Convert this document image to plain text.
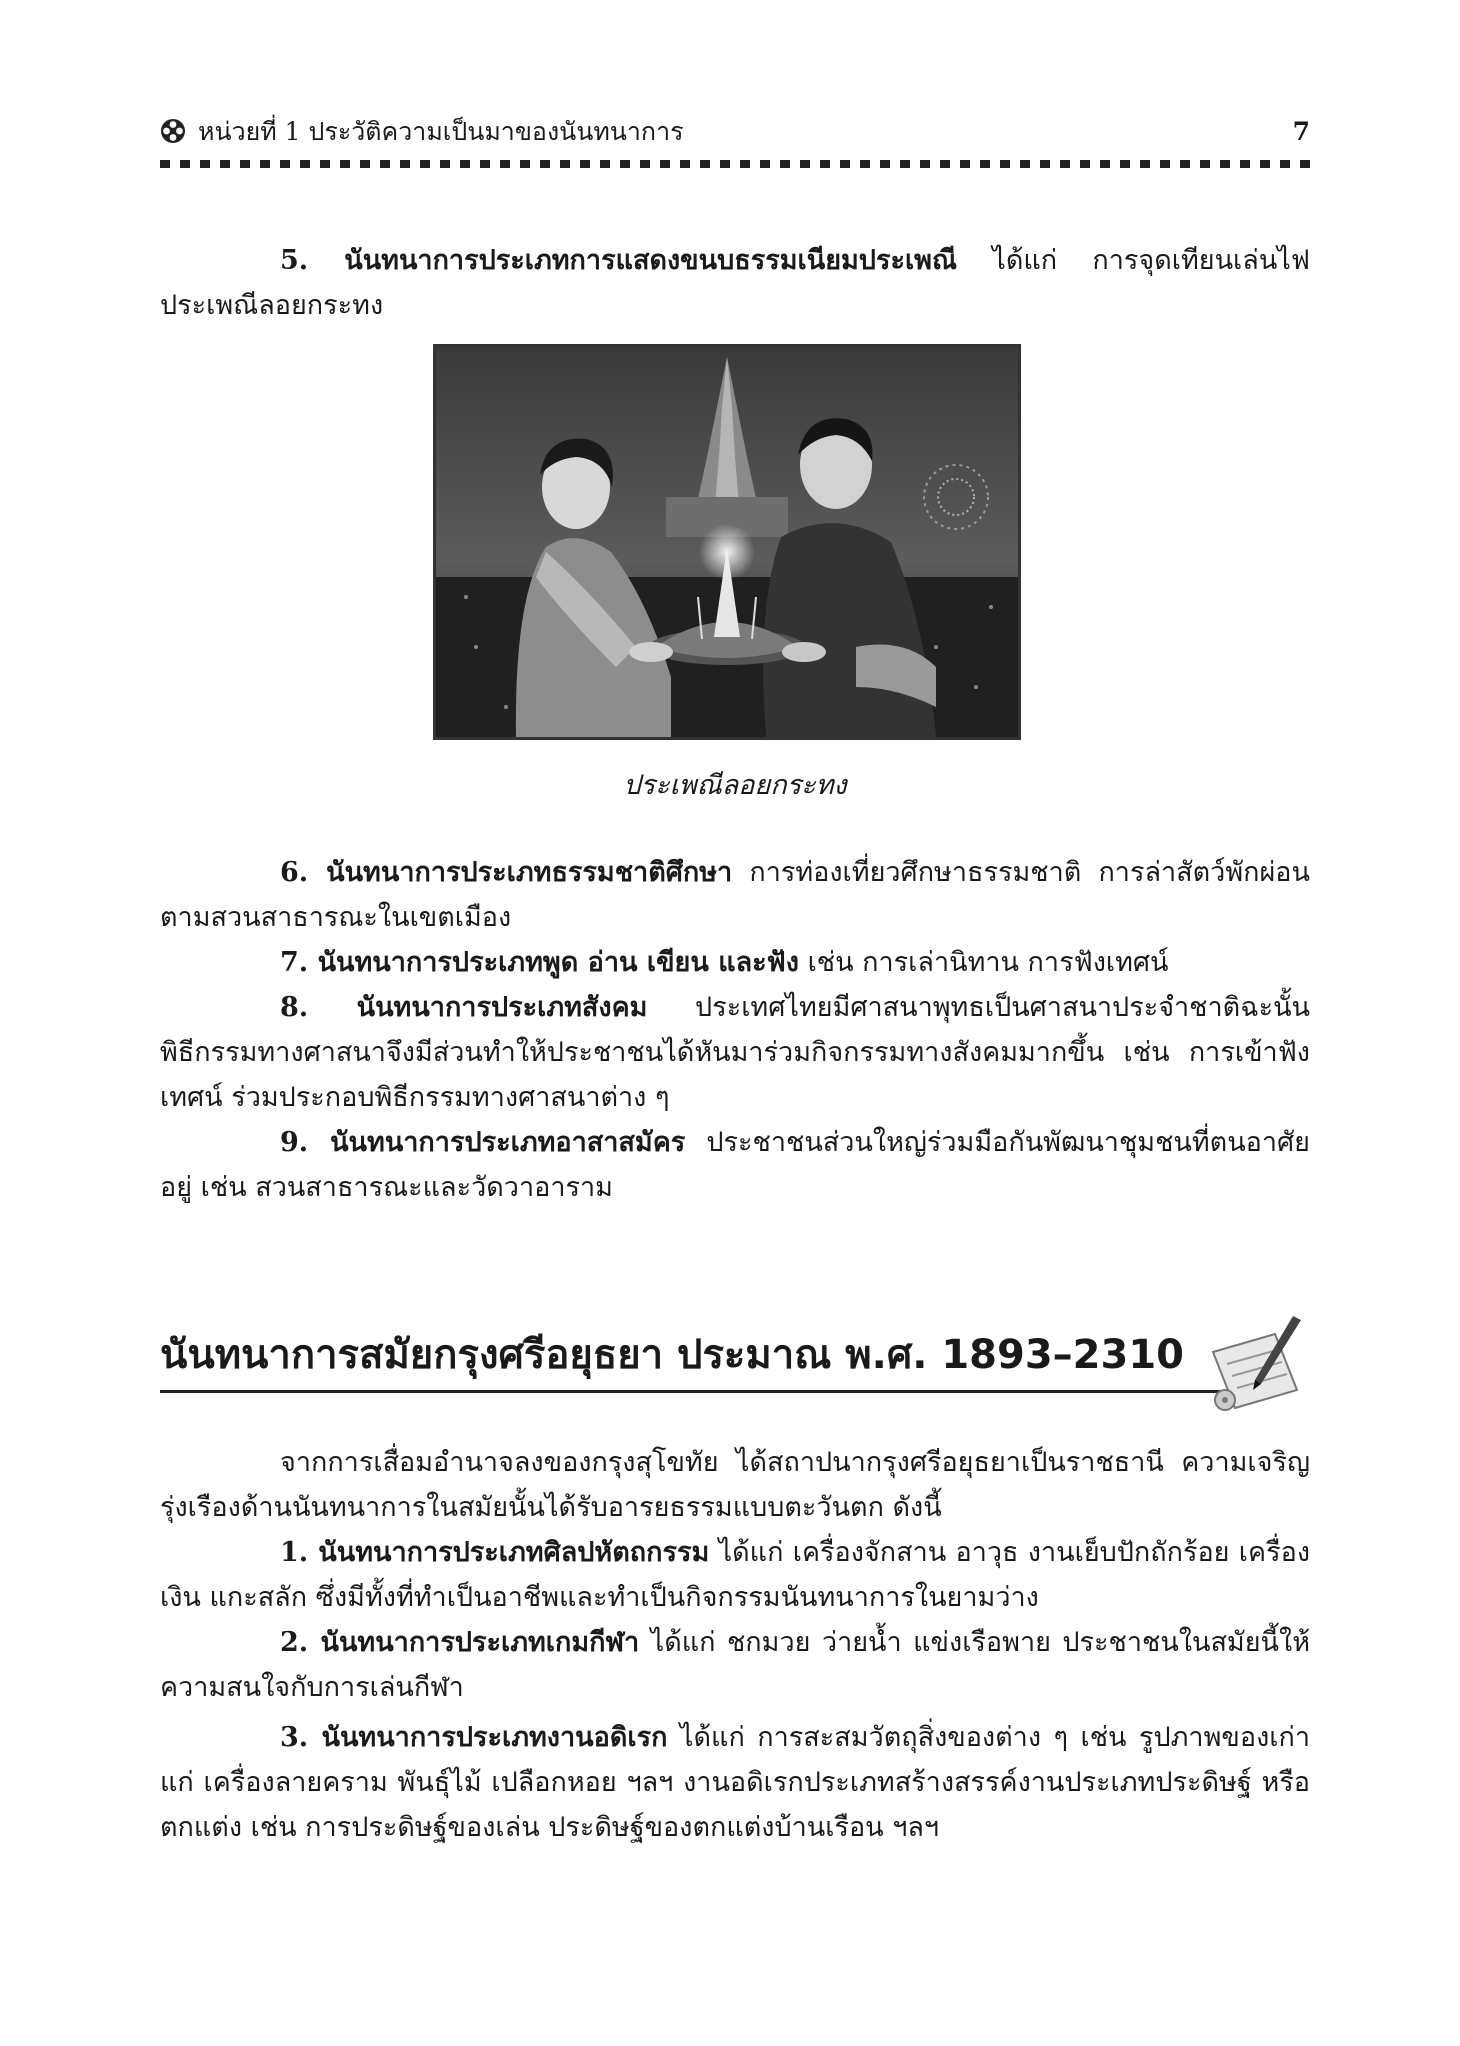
หน่วยที่ 1 ประวัติความเป็นมาของนันทนาการ	7
5. นันทนาการประเภทการแสดงขนบธรรมเนียมประเพณี ได้แก่ การจุดเทียนเล่นไฟประเพณีลอยกระทง
ประเพณีลอยกระทง
6. นันทนาการประเภทธรรมชาติศึกษา การท่องเที่ยวศึกษาธรรมชาติ การล่าสัตว์พักผ่อนตามสวนสาธารณะในเขตเมือง
7. นันทนาการประเภทพูด อ่าน เขียน และฟัง เช่น การเล่านิทาน การฟังเทศน์
8. นันทนาการประเภทสังคม ประเทศไทยมีศาสนาพุทธเป็นศาสนาประจำชาติฉะนั้นพิธีกรรมทางศาสนาจึงมีส่วนทำให้ประชาชนได้หันมาร่วมกิจกรรมทางสังคมมากขึ้น เช่น การเข้าฟังเทศน์ ร่วมประกอบพิธีกรรมทางศาสนาต่าง ๆ
9. นันทนาการประเภทอาสาสมัคร ประชาชนส่วนใหญ่ร่วมมือกันพัฒนาชุมชนที่ตนอาศัยอยู่ เช่น สวนสาธารณะและวัดวาอาราม
นันทนาการสมัยกรุงศรีอยุธยา ประมาณ พ.ศ. 1893–2310
จากการเสื่อมอำนาจลงของกรุงสุโขทัย ได้สถาปนากรุงศรีอยุธยาเป็นราชธานี ความเจริญรุ่งเรืองด้านนันทนาการในสมัยนั้นได้รับอารยธรรมแบบตะวันตก ดังนี้
1. นันทนาการประเภทศิลปหัตถกรรม ได้แก่ เครื่องจักสาน อาวุธ งานเย็บปักถักร้อย เครื่องเงิน แกะสลัก ซึ่งมีทั้งที่ทำเป็นอาชีพและทำเป็นกิจกรรมนันทนาการในยามว่าง
2. นันทนาการประเภทเกมกีฬา ได้แก่ ชกมวย ว่ายน้ำ แข่งเรือพาย ประชาชนในสมัยนี้ให้ความสนใจกับการเล่นกีฬา
3. นันทนาการประเภทงานอดิเรก ได้แก่ การสะสมวัตถุสิ่งของต่าง ๆ เช่น รูปภาพของเก่าแก่ เครื่องลายคราม พันธุ์ไม้ เปลือกหอย ฯลฯ งานอดิเรกประเภทสร้างสรรค์งานประเภทประดิษฐ์ หรือตกแต่ง เช่น การประดิษฐ์ของเล่น ประดิษฐ์ของตกแต่งบ้านเรือน ฯลฯ
